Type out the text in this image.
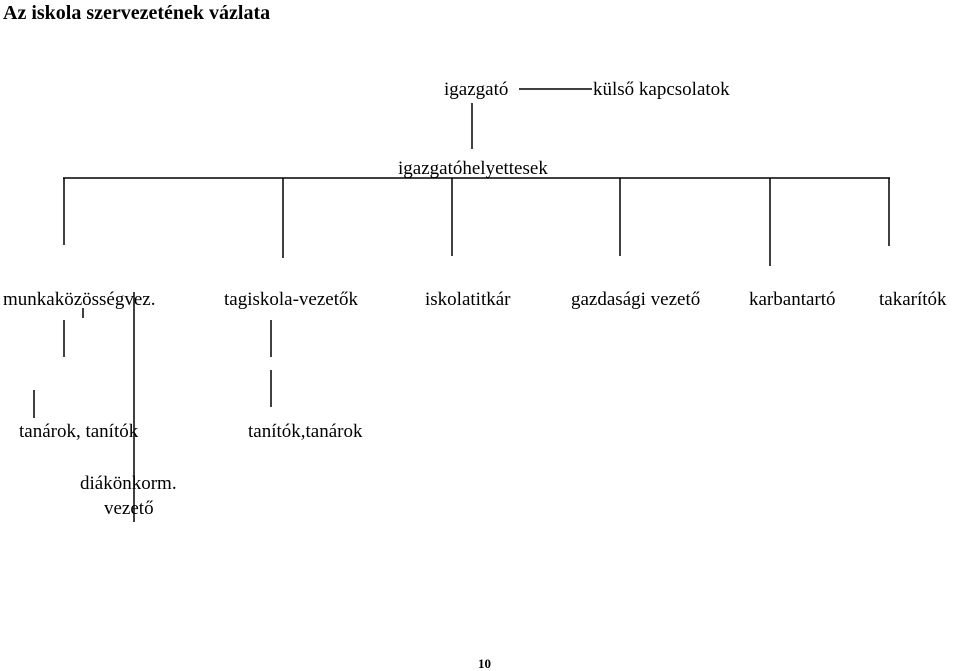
Az iskola szervezetének vázlata
igazgató	külső kapcsolatok
igazgatóhelyettesek
munkaközösségvez.	tagiskola-vezetők	iskolatitkár	gazdasági vezető	karbantartó takarítók
tanárok, tanítók	tanítók,tanárok
diákönkorm.
vezető
10
